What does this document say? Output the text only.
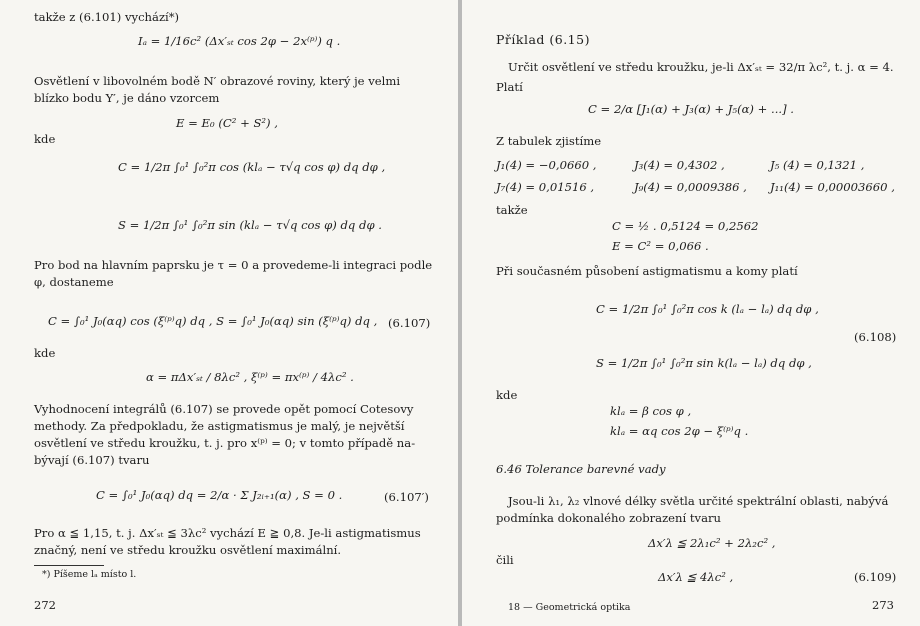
takže z (6.101) vychází*)
Iₐ = 1/16c² (Δx′ₛₜ cos 2φ − 2x⁽ᵖ⁾) q .
Osvětlení v libovolném bodě N′ obrazové roviny, který je velmi
blízko bodu Y′, je dáno vzorcem
E = E₀ (C² + S²) ,
kde
C = 1/2π ∫₀¹ ∫₀²π cos (klₐ − τ√q cos φ) dq dφ ,
S = 1/2π ∫₀¹ ∫₀²π sin (klₐ − τ√q cos φ) dq dφ .
Pro bod na hlavním paprsku je τ = 0 a provedeme-li integraci podle
φ, dostaneme
C = ∫₀¹ J₀(αq) cos (ξ⁽ᵖ⁾q) dq , S = ∫₀¹ J₀(αq) sin (ξ⁽ᵖ⁾q) dq , (6.107)
kde
α = πΔx′ₛₜ / 8λc² , ξ⁽ᵖ⁾ = πx⁽ᵖ⁾ / 4λc² .
Vyhodnocení integrálů (6.107) se provede opět pomocí Cotesovy
methody. Za předpokladu, že astigmatismus je malý, je největší
osvětlení ve středu kroužku, t. j. pro x⁽ᵖ⁾ = 0; v tomto případě na-
bývají (6.107) tvaru
C = ∫₀¹ J₀(αq) dq = 2/α · Σ J₂ᵢ₊₁(α) , S = 0 .	(6.107′)
Pro α ≦ 1,15, t. j. Δx′ₛₜ ≦ 3λc² vychází E ≧ 0,8. Je-li astigmatismus
značný, není ve středu kroužku osvětlení maximální.
*) Píšeme lₐ místo l.
272
Příklad (6.15)
Určit osvětlení ve středu kroužku, je-li Δx′ₛₜ = 32/π λc², t. j. α = 4.
Platí
C = 2/α [J₁(α) + J₃(α) + J₅(α) + ...] .
Z tabulek zjistíme
J₁(4) = −0,0660 ,	J₃(4) = 0,4302 ,	J₅ (4) = 0,1321 ,
J₇(4) = 0,01516 ,	J₉(4) = 0,0009386 , J₁₁(4) = 0,00003660 ,
takže
C = ½ . 0,5124 = 0,2562
E = C² = 0,066 .
Při současném působení astigmatismu a komy platí
C = 1/2π ∫₀¹ ∫₀²π cos k (lₐ − lₐ) dq dφ ,
S = 1/2π ∫₀¹ ∫₀²π sin k(lₐ − lₐ) dq dφ ,
(6.108)
kde
klₐ = β cos φ ,
klₐ = αq cos 2φ − ξ⁽ᵖ⁾q .
6.46 Tolerance barevné vady
Jsou-li λ₁, λ₂ vlnové délky světla určité spektrální oblasti, nabývá
podmínka dokonalého zobrazení tvaru
Δx′λ ≦ 2λ₁c² + 2λ₂c² ,
čili
Δx′λ ≦ 4λc² ,	(6.109)
18 — Geometrická optika	273
